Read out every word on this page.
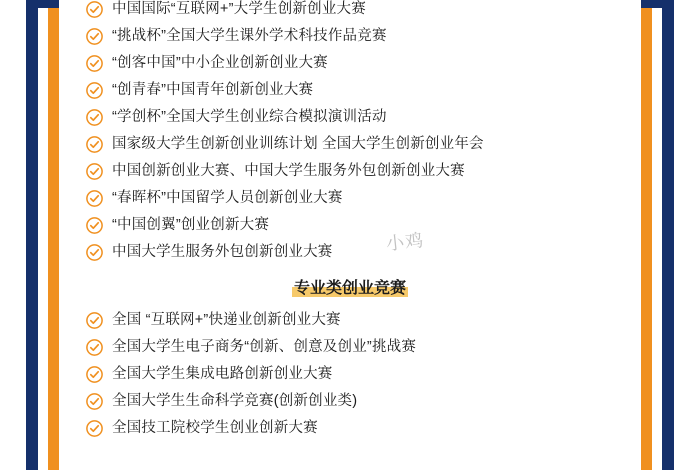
中国国际“互联网+”大学生创新创业大赛
“挑战杯”全国大学生课外学术科技作品竞赛
“创客中国”中小企业创新创业大赛
“创青春”中国青年创新创业大赛
“学创杯”全国大学生创业综合模拟演训活动
国家级大学生创新创业训练计划 全国大学生创新创业年会
中国创新创业大赛、中国大学生服务外包创新创业大赛
“春晖杯”中国留学人员创新创业大赛
“中国创翼”创业创新大赛
中国大学生服务外包创新创业大赛
专业类创业竞赛
全国 “互联网+”快递业创新创业大赛
全国大学生电子商务“创新、创意及创业”挑战赛
全国大学生集成电路创新创业大赛
全国大学生生命科学竞赛(创新创业类)
全国技工院校学生创业创新大赛
小鸡
